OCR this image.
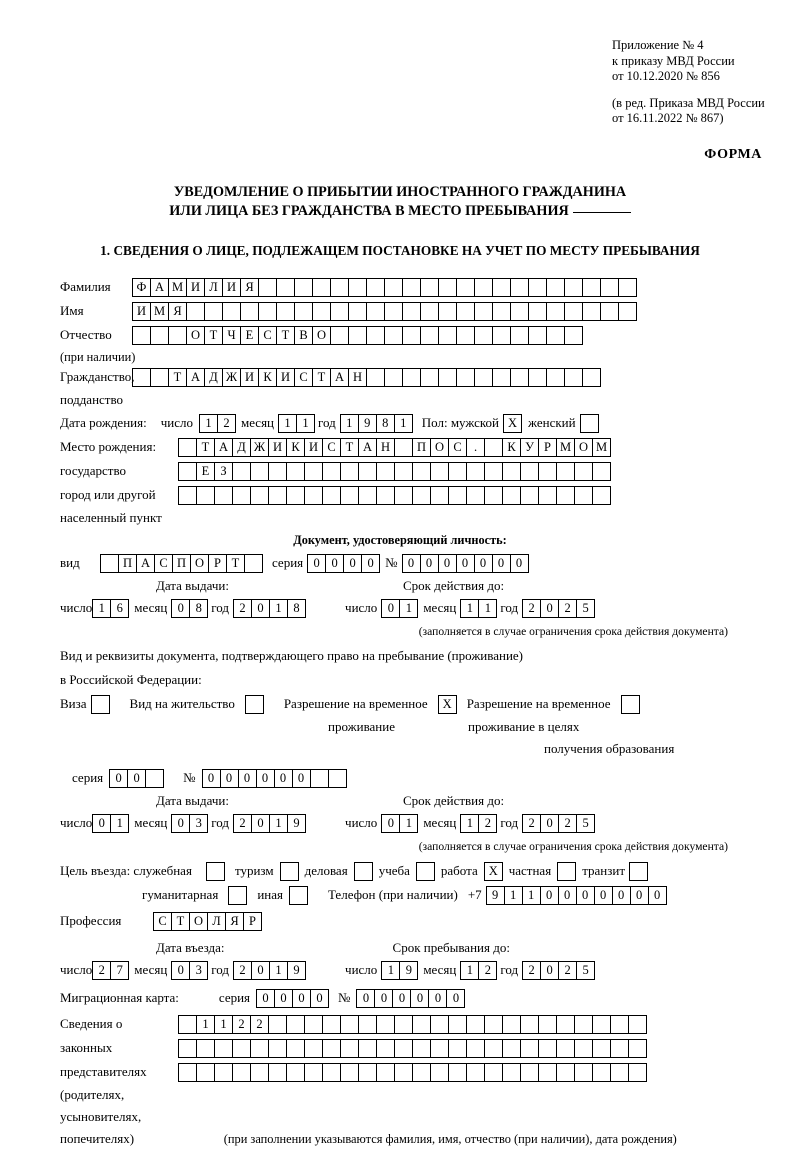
Приложение № 4
к приказу МВД России
от 10.12.2020 № 856
(в ред. Приказа МВД России
от 16.11.2022 № 867)
ФОРМА
УВЕДОМЛЕНИЕ О ПРИБЫТИИ ИНОСТРАННОГО ГРАЖДАНИНА
ИЛИ ЛИЦА БЕЗ ГРАЖДАНСТВА В МЕСТО ПРЕБЫВАНИЯ
1. СВЕДЕНИЯ О ЛИЦЕ, ПОДЛЕЖАЩЕМ ПОСТАНОВКЕ НА УЧЕТ ПО МЕСТУ ПРЕБЫВАНИЯ
Фамилия	Ф А М И Л И Я
Имя	И М Я
Отчество	О Т Ч Е С Т В О
(при наличии)
Гражданство,	Т А Д Ж И К И С Т А Н
подданство
Дата рождения: число 1 2 месяц 1 1 год 1 9 8 1	Пол: мужской Х женский
Место рождения:	Т А Д Ж И К И С Т А Н	П О С .	К У Р М О М
государство	Е З
город или другой
населенный пункт
Документ, удостоверяющий личность:
вид	П А С П О Р Т	серия 0 0 0 0 № 0 0 0 0 0 0 0
Дата выдачи:	Срок действия до:
число 1 6 месяц 0 8 год 2 0 1 8	число 0 1 месяц 1 1 год 2 0 2 5
(заполняется в случае ограничения срока действия документа)
Вид и реквизиты документа, подтверждающего право на пребывание (проживание)
в Российской Федерации:
Виза	Вид на жительство	Разрешение на временное	Х	Разрешение на временное
проживание	проживание в целях
получения образования
серия 0 0	№ 0 0 0 0 0 0
Дата выдачи:	Срок действия до:
число 0 1 месяц 0 3 год 2 0 1 9	число 0 1 месяц 1 2 год 2 0 2 5
(заполняется в случае ограничения срока действия документа)
Цель въезда: служебная	туризм деловая учеба работа Х частная транзит
гуманитарная	иная	Телефон (при наличии) +7 9 1 1 0 0 0 0 0 0 0
Профессия	С Т О Л Я Р
Дата въезда:	Срок пребывания до:
число 2 7 месяц 0 3 год 2 0 1 9	число 1 9 месяц 1 2 год 2 0 2 5
Миграционная карта:	серия 0 0 0 0	№ 0 0 0 0 0 0
Сведения о	1 1 2 2
законных
представителях
(родителях,
усыновителях,
попечителях)	(при заполнении указываются фамилия, имя, отчество (при наличии), дата рождения)
